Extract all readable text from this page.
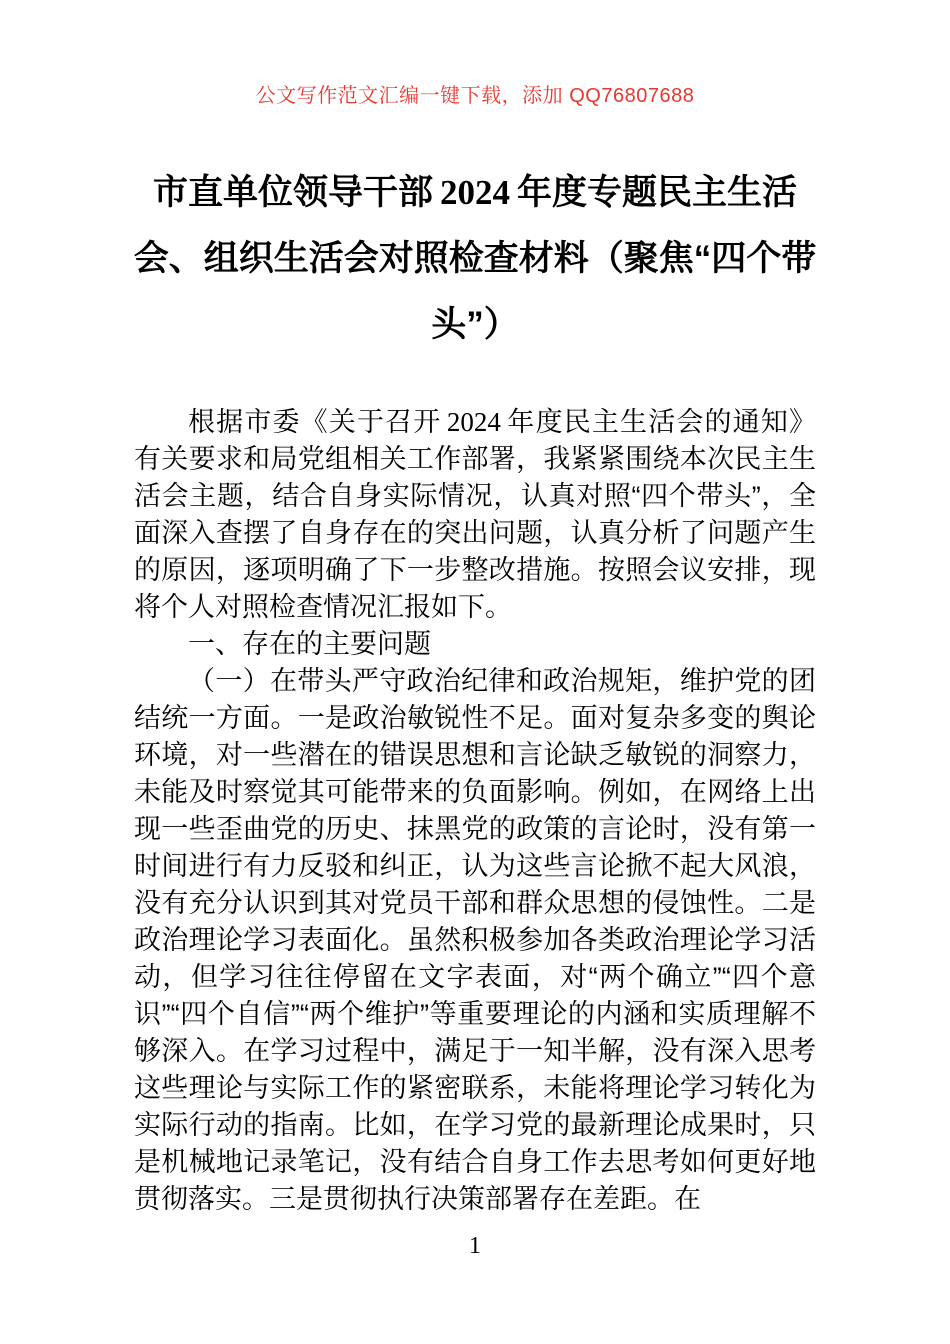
公文写作范文汇编一键下载，添加 QQ76807688
市直单位领导干部 2024 年度专题民主生活会、组织生活会对照检查材料（聚焦“四个带头”）

根据市委《关于召开 2024 年度民主生活会的通知》有关要求和局党组相关工作部署，我紧紧围绕本次民主生活会主题，结合自身实际情况，认真对照“四个带头”，全面深入查摆了自身存在的突出问题，认真分析了问题产生的原因，逐项明确了下一步整改措施。按照会议安排，现将个人对照检查情况汇报如下。

一、存在的主要问题

（一）在带头严守政治纪律和政治规矩，维护党的团结统一方面。一是政治敏锐性不足。面对复杂多变的舆论环境，对一些潜在的错误思想和言论缺乏敏锐的洞察力，未能及时察觉其可能带来的负面影响。例如，在网络上出现一些歪曲党的历史、抹黑党的政策的言论时，没有第一时间进行有力反驳和纠正，认为这些言论掀不起大风浪，没有充分认识到其对党员干部和群众思想的侵蚀性。二是政治理论学习表面化。虽然积极参加各类政治理论学习活动，但学习往往停留在文字表面，对“两个确立”“四个意识”“四个自信”“两个维护”等重要理论的内涵和实质理解不够深入。在学习过程中，满足于一知半解，没有深入思考这些理论与实际工作的紧密联系，未能将理论学习转化为实际行动的指南。比如，在学习党的最新理论成果时，只是机械地记录笔记，没有结合自身工作去思考如何更好地贯彻落实。三是贯彻执行决策部署存在差距。在

1
